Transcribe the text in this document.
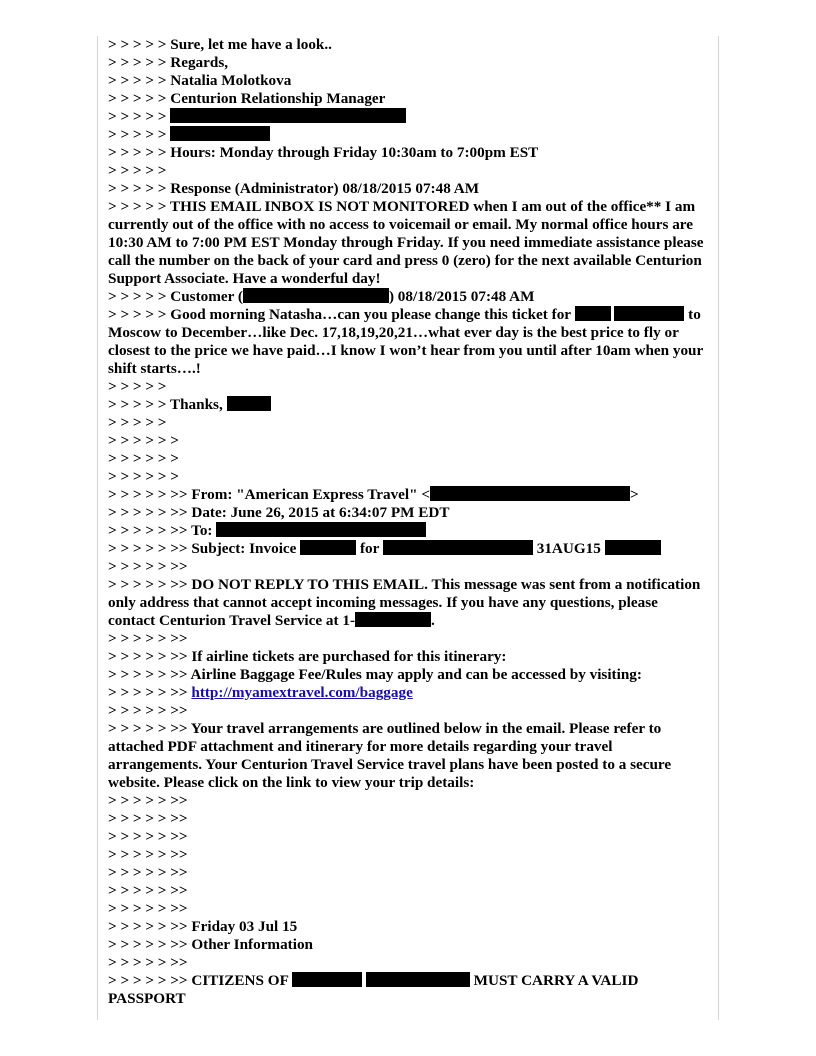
> > > > > Sure, let me have a look..
> > > > > Regards,
> > > > > Natalia Molotkova
> > > > > Centurion Relationship Manager
> > > > >
> > > > >
> > > > > Hours: Monday through Friday 10:30am to 7:00pm EST
> > > > >
> > > > > Response (Administrator) 08/18/2015 07:48 AM
> > > > > THIS EMAIL INBOX IS NOT MONITORED when I am out of the office** I am currently out of the office with no access to voicemail or email. My normal office hours are 10:30 AM to 7:00 PM EST Monday through Friday. If you need immediate assistance please call the number on the back of your card and press 0 (zero) for the next available Centurion Support Associate. Have a wonderful day!
> > > > > Customer (	) 08/18/2015 07:48 AM
> > > > > Good morning Natasha…can you please change this ticket for	to Moscow to December…like Dec. 17,18,19,20,21…what ever day is the best price to fly or closest to the price we have paid…I know I won’t hear from you until after 10am when your shift starts….!
> > > > >
> > > > > Thanks,
> > > > >
> > > > > >
> > > > > >
> > > > > >
> > > > > >> From: "American Express Travel" <	>
> > > > > >> Date: June 26, 2015 at 6:34:07 PM EDT
> > > > > >> To:
> > > > > >> Subject: Invoice	for	31AUG15
> > > > > >>
> > > > > >> DO NOT REPLY TO THIS EMAIL. This message was sent from a notification only address that cannot accept incoming messages. If you have any questions, please contact Centurion Travel Service at 1-	.
> > > > > >>
> > > > > >> If airline tickets are purchased for this itinerary:
> > > > > >> Airline Baggage Fee/Rules may apply and can be accessed by visiting:
> > > > > >> http://myamextravel.com/baggage
> > > > > >>
> > > > > >> Your travel arrangements are outlined below in the email. Please refer to attached PDF attachment and itinerary for more details regarding your travel arrangements. Your Centurion Travel Service travel plans have been posted to a secure website. Please click on the link to view your trip details:
> > > > > >>
> > > > > >>
> > > > > >>
> > > > > >>
> > > > > >>
> > > > > >>
> > > > > >>
> > > > > >> Friday 03 Jul 15
> > > > > >> Other Information
> > > > > >>
> > > > > >> CITIZENS OF	MUST CARRY A VALID PASSPORT
